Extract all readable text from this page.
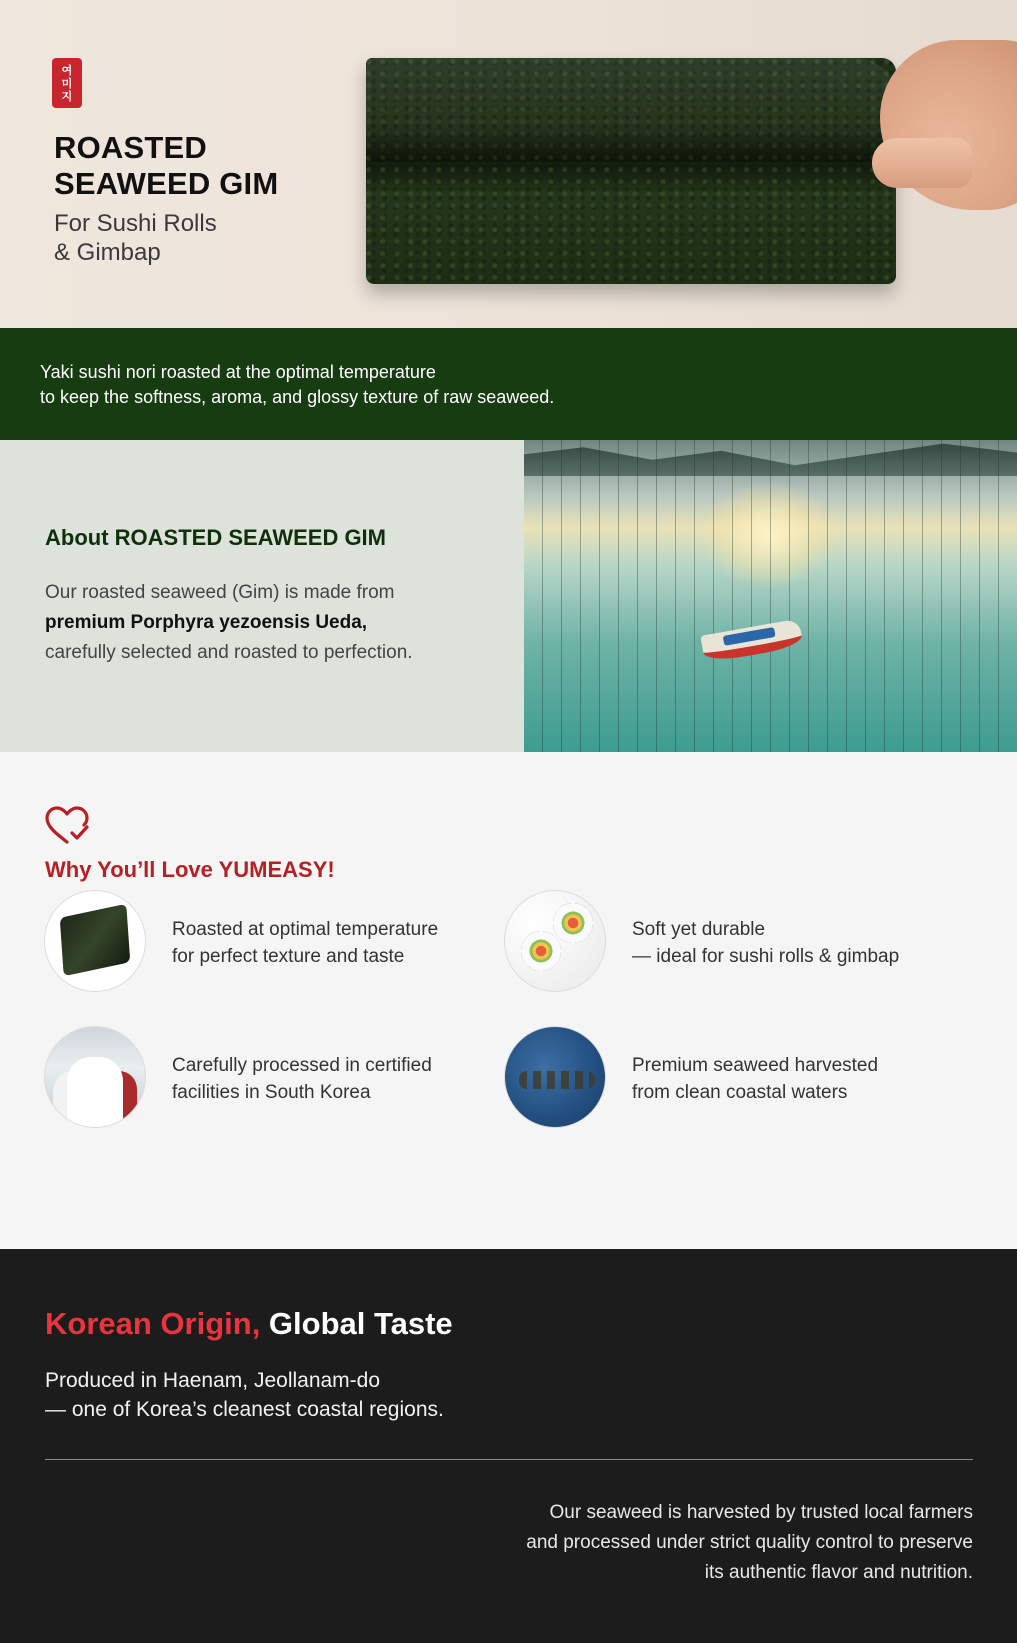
여
미
지
ROASTED
SEAWEED GIM
For Sushi Rolls
& Gimbap

Yaki sushi nori roasted at the optimal temperature
to keep the softness, aroma, and glossy texture of raw seaweed.

About ROASTED SEAWEED GIM
Our roasted seaweed (Gim) is made from
premium Porphyra yezoensis Ueda,
carefully selected and roasted to perfection.
Why You’ll Love YUMEASY!
Roasted at optimal temperature
for perfect texture and taste
Soft yet durable
— ideal for sushi rolls & gimbap
Carefully processed in certified
facilities in South Korea
Premium seaweed harvested
from clean coastal waters
Korean Origin, Global Taste
Produced in Haenam, Jeollanam-do
— one of Korea’s cleanest coastal regions.
Our seaweed is harvested by trusted local farmers
and processed under strict quality control to preserve
its authentic flavor and nutrition.
